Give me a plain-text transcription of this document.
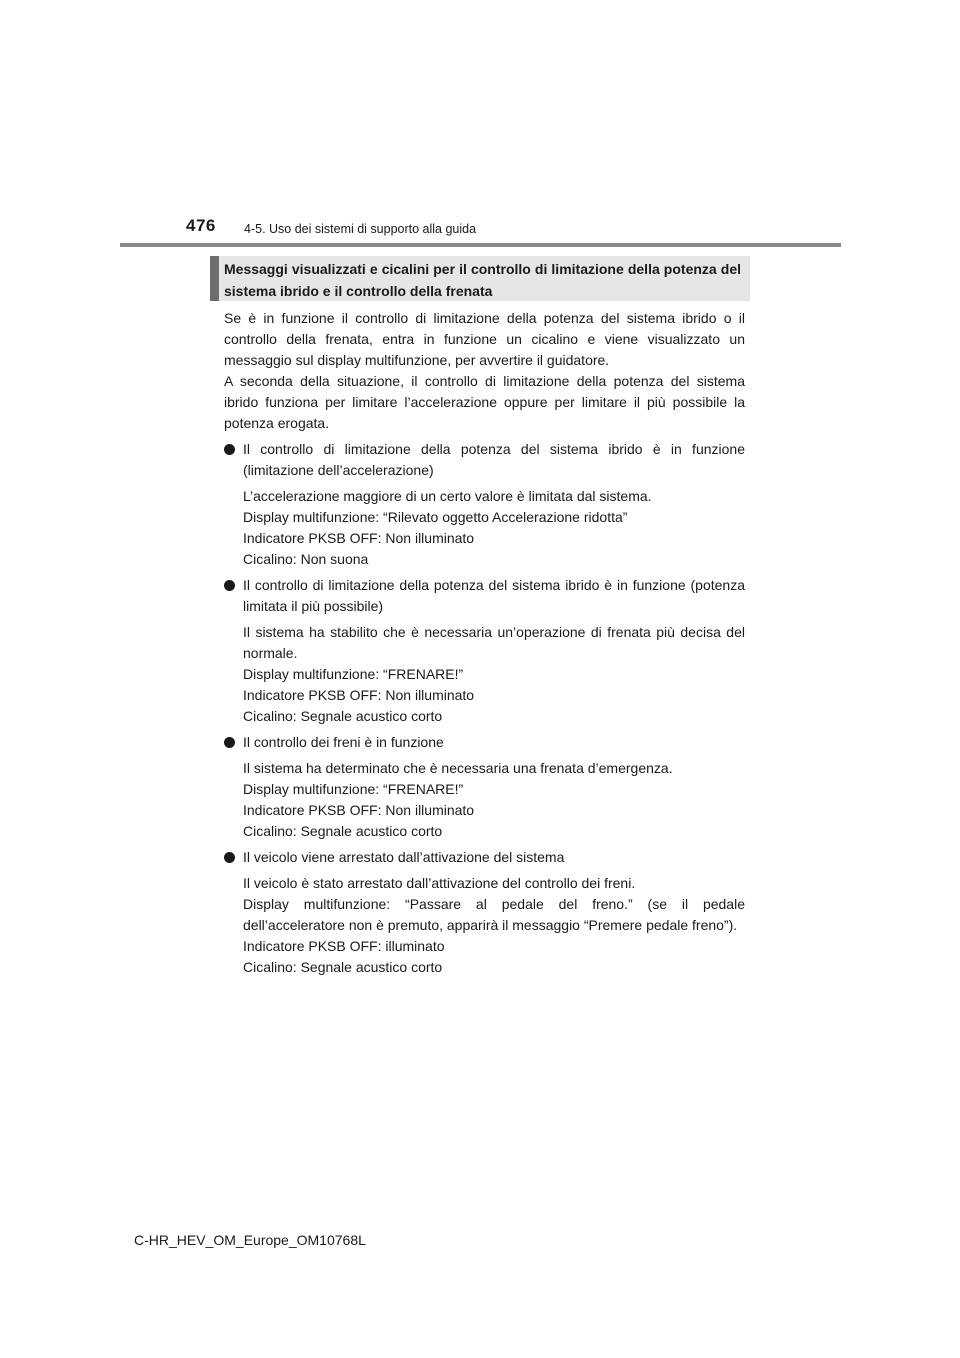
476 4-5. Uso dei sistemi di supporto alla guida
Messaggi visualizzati e cicalini per il controllo di limitazione della potenza del sistema ibrido e il controllo della frenata

Se è in funzione il controllo di limitazione della potenza del sistema ibrido o il controllo della frenata, entra in funzione un cicalino e viene visualizzato un messaggio sul display multifunzione, per avvertire il guidatore.

A seconda della situazione, il controllo di limitazione della potenza del sistema ibrido funziona per limitare l’accelerazione oppure per limitare il più possibile la potenza erogata.

Il controllo di limitazione della potenza del sistema ibrido è in funzione (limitazione dell’accelerazione)

L’accelerazione maggiore di un certo valore è limitata dal sistema.

Display multifunzione: “Rilevato oggetto Accelerazione ridotta”

Indicatore PKSB OFF: Non illuminato

Cicalino: Non suona

Il controllo di limitazione della potenza del sistema ibrido è in funzione (potenza limitata il più possibile)

Il sistema ha stabilito che è necessaria un’operazione di frenata più decisa del normale.

Display multifunzione: “FRENARE!”

Indicatore PKSB OFF: Non illuminato

Cicalino: Segnale acustico corto

Il controllo dei freni è in funzione

Il sistema ha determinato che è necessaria una frenata d’emergenza.

Display multifunzione: “FRENARE!”

Indicatore PKSB OFF: Non illuminato

Cicalino: Segnale acustico corto

Il veicolo viene arrestato dall’attivazione del sistema

Il veicolo è stato arrestato dall’attivazione del controllo dei freni.

Display multifunzione: “Passare al pedale del freno.” (se il pedale dell’acceleratore non è premuto, apparirà il messaggio “Premere pedale freno”).

Indicatore PKSB OFF: illuminato

Cicalino: Segnale acustico corto

C-HR_HEV_OM_Europe_OM10768L
